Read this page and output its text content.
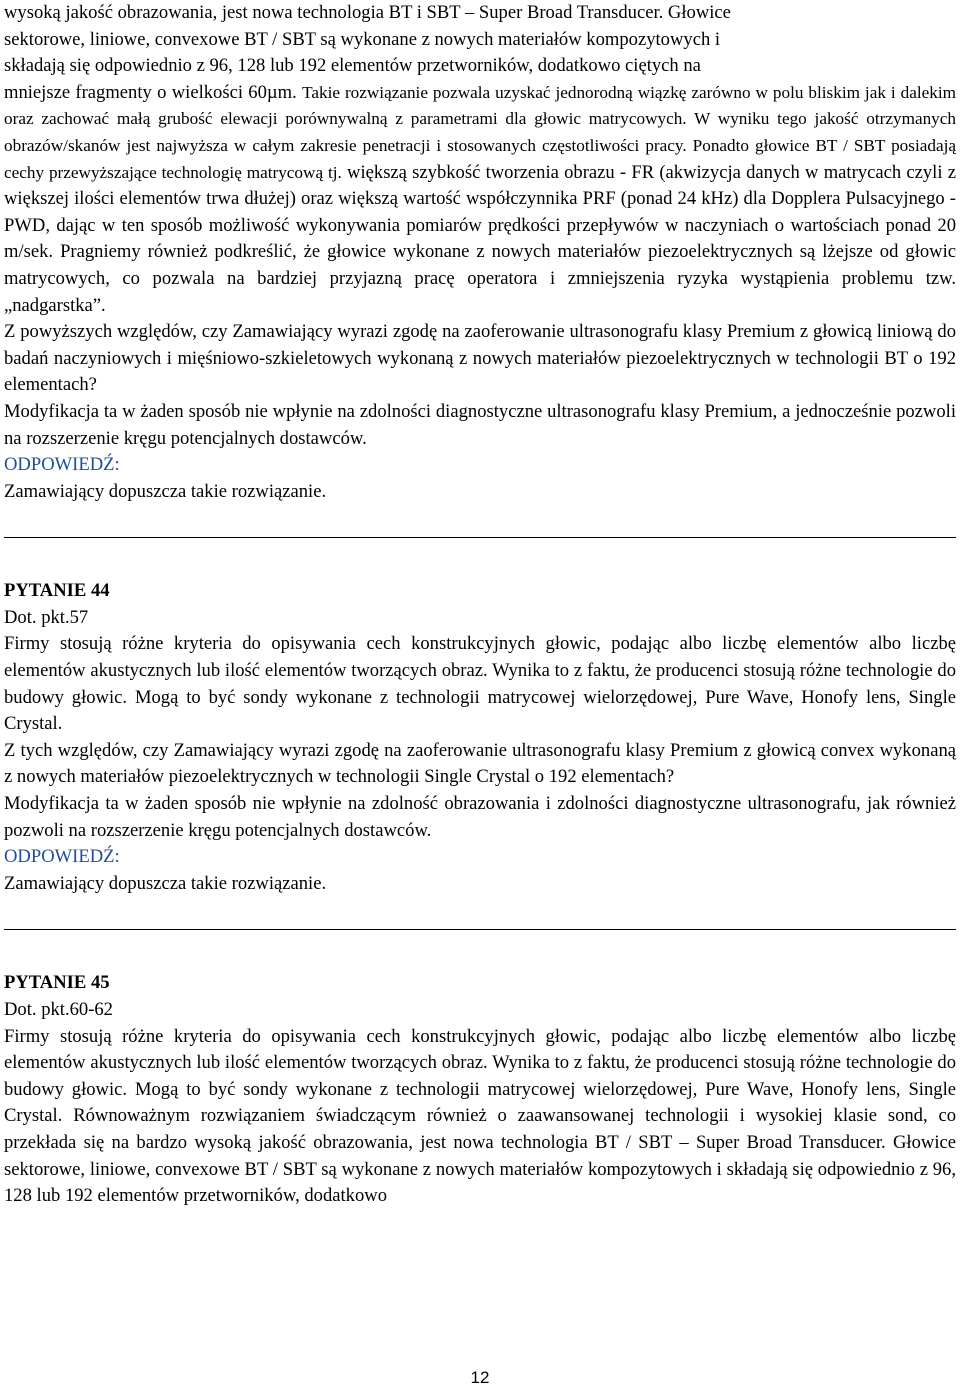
wysoką jakość obrazowania, jest nowa technologia BT i SBT – Super Broad Transducer. Głowice
sektorowe, liniowe, convexowe BT / SBT są wykonane z nowych materiałów kompozytowych i
składają się odpowiednio z 96, 128 lub 192 elementów przetworników, dodatkowo ciętych na
mniejsze fragmenty o wielkości 60µm. Takie rozwiązanie pozwala uzyskać jednorodną wiązkę zarówno w polu bliskim jak i dalekim oraz zachować małą grubość elewacji porównywalną z parametrami dla głowic matrycowych. W wyniku tego jakość otrzymanych obrazów/skanów jest najwyższa w całym zakresie penetracji i stosowanych częstotliwości pracy. Ponadto głowice BT / SBT posiadają cechy przewyższające technologię matrycową tj. większą szybkość tworzenia obrazu - FR (akwizycja danych w matrycach czyli z większej ilości elementów trwa dłużej) oraz większą wartość współczynnika PRF (ponad 24 kHz) dla Dopplera Pulsacyjnego - PWD, dając w ten sposób możliwość wykonywania pomiarów prędkości przepływów w naczyniach o wartościach ponad 20 m/sek. Pragniemy również podkreślić, że głowice wykonane z nowych materiałów piezoelektrycznych są lżejsze od głowic matrycowych, co pozwala na bardziej przyjazną pracę operatora i zmniejszenia ryzyka wystąpienia problemu tzw. „nadgarstka”.

Z powyższych względów, czy Zamawiający wyrazi zgodę na zaoferowanie ultrasonografu klasy Premium z głowicą liniową do badań naczyniowych i mięśniowo-szkieletowych wykonaną z nowych materiałów piezoelektrycznych w technologii BT o 192 elementach?

Modyfikacja ta w żaden sposób nie wpłynie na zdolności diagnostyczne ultrasonografu klasy Premium, a jednocześnie pozwoli na rozszerzenie kręgu potencjalnych dostawców.

ODPOWIEDŹ:

Zamawiający dopuszcza takie rozwiązanie.

PYTANIE 44

Dot. pkt.57

Firmy stosują różne kryteria do opisywania cech konstrukcyjnych głowic, podając albo liczbę elementów albo liczbę elementów akustycznych lub ilość elementów tworzących obraz. Wynika to z faktu, że producenci stosują różne technologie do budowy głowic. Mogą to być sondy wykonane z technologii matrycowej wielorzędowej, Pure Wave, Honofy lens, Single Crystal.

Z tych względów, czy Zamawiający wyrazi zgodę na zaoferowanie ultrasonografu klasy Premium z głowicą convex wykonaną z nowych materiałów piezoelektrycznych w technologii Single Crystal o 192 elementach?

Modyfikacja ta w żaden sposób nie wpłynie na zdolność obrazowania i zdolności diagnostyczne ultrasonografu, jak również pozwoli na rozszerzenie kręgu potencjalnych dostawców.

ODPOWIEDŹ:

Zamawiający dopuszcza takie rozwiązanie.

PYTANIE 45

Dot. pkt.60-62

Firmy stosują różne kryteria do opisywania cech konstrukcyjnych głowic, podając albo liczbę elementów albo liczbę elementów akustycznych lub ilość elementów tworzących obraz. Wynika to z faktu, że producenci stosują różne technologie do budowy głowic. Mogą to być sondy wykonane z technologii matrycowej wielorzędowej, Pure Wave, Honofy lens, Single Crystal. Równoważnym rozwiązaniem świadczącym również o zaawansowanej technologii i wysokiej klasie sond, co przekłada się na bardzo wysoką jakość obrazowania, jest nowa technologia BT / SBT – Super Broad Transducer. Głowice sektorowe, liniowe, convexowe BT / SBT są wykonane z nowych materiałów kompozytowych i składają się odpowiednio z 96, 128 lub 192 elementów przetworników, dodatkowo

12
